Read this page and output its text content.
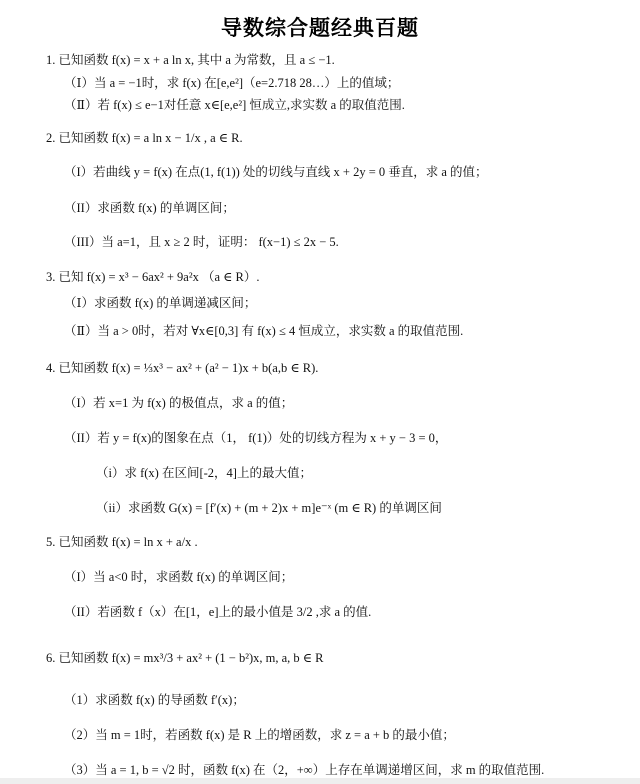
导数综合题经典百题
1. 已知函数 f(x) = x + a ln x, 其中 a 为常数，且 a ≤ −1.
（Ⅰ）当 a = −1时，求 f(x) 在[e,e²]（e=2.718 28…）上的值域；
（Ⅱ）若 f(x) ≤ e−1对任意 x∈[e,e²] 恒成立,求实数 a 的取值范围.
2. 已知函数 f(x) = a ln x − 1/x , a ∈ R.
（I）若曲线 y = f(x) 在点(1, f(1)) 处的切线与直线 x + 2y = 0 垂直，求 a 的值；
（II）求函数 f(x) 的单调区间；
（III）当 a=1，且 x ≥ 2 时，证明： f(x−1) ≤ 2x − 5.
3. 已知 f(x) = x³ − 6ax² + 9a²x （a ∈ R）.
（Ⅰ）求函数 f(x) 的单调递减区间；
（Ⅱ）当 a > 0时，若对 ∀x∈[0,3] 有 f(x) ≤ 4 恒成立，求实数 a 的取值范围.
4. 已知函数 f(x) = ⅓x³ − ax² + (a² − 1)x + b(a,b ∈ R).
（I）若 x=1 为 f(x) 的极值点，求 a 的值；
（II）若 y = f(x)的图象在点（1， f(1)）处的切线方程为 x + y − 3 = 0，
（i）求 f(x) 在区间[-2，4]上的最大值；
（ii）求函数 G(x) = [f′(x) + (m + 2)x + m]e⁻ˣ (m ∈ R) 的单调区间
5. 已知函数 f(x) = ln x + a/x .
（I）当 a<0 时，求函数 f(x) 的单调区间；
（II）若函数 f（x）在[1，e]上的最小值是 3/2 ,求 a 的值.
6. 已知函数 f(x) = mx³/3 + ax² + (1 − b²)x, m, a, b ∈ R
（1）求函数 f(x) 的导函数 f′(x)；
（2）当 m = 1时，若函数 f(x) 是 R 上的增函数，求 z = a + b 的最小值；
（3）当 a = 1, b = √2 时，函数 f(x) 在（2，+∞）上存在单调递增区间，求 m 的取值范围.
